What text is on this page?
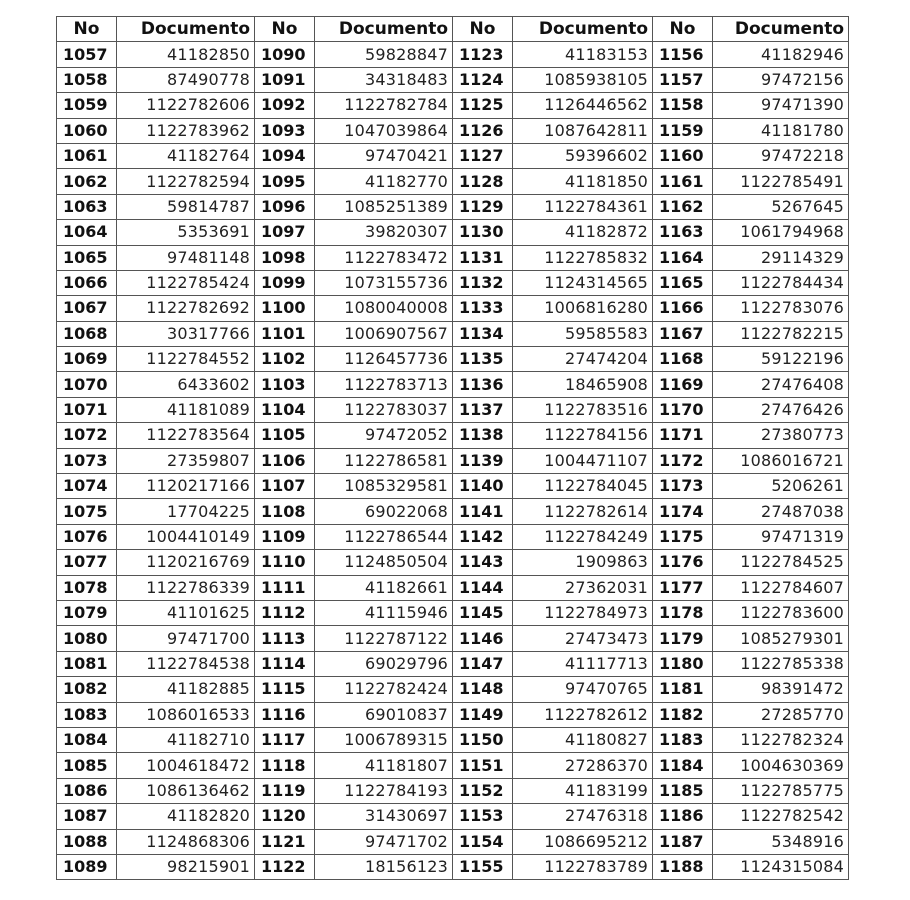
No	Documento	No	Documento	No	Documento	No	Documento
1057	41182850	1090	59828847	1123	41183153	1156	41182946
1058	87490778	1091	34318483	1124	1085938105	1157	97472156
1059	1122782606	1092	1122782784	1125	1126446562	1158	97471390
1060	1122783962	1093	1047039864	1126	1087642811	1159	41181780
1061	41182764	1094	97470421	1127	59396602	1160	97472218
1062	1122782594	1095	41182770	1128	41181850	1161	1122785491
1063	59814787	1096	1085251389	1129	1122784361	1162	5267645
1064	5353691	1097	39820307	1130	41182872	1163	1061794968
1065	97481148	1098	1122783472	1131	1122785832	1164	29114329
1066	1122785424	1099	1073155736	1132	1124314565	1165	1122784434
1067	1122782692	1100	1080040008	1133	1006816280	1166	1122783076
1068	30317766	1101	1006907567	1134	59585583	1167	1122782215
1069	1122784552	1102	1126457736	1135	27474204	1168	59122196
1070	6433602	1103	1122783713	1136	18465908	1169	27476408
1071	41181089	1104	1122783037	1137	1122783516	1170	27476426
1072	1122783564	1105	97472052	1138	1122784156	1171	27380773
1073	27359807	1106	1122786581	1139	1004471107	1172	1086016721
1074	1120217166	1107	1085329581	1140	1122784045	1173	5206261
1075	17704225	1108	69022068	1141	1122782614	1174	27487038
1076	1004410149	1109	1122786544	1142	1122784249	1175	97471319
1077	1120216769	1110	1124850504	1143	1909863	1176	1122784525
1078	1122786339	1111	41182661	1144	27362031	1177	1122784607
1079	41101625	1112	41115946	1145	1122784973	1178	1122783600
1080	97471700	1113	1122787122	1146	27473473	1179	1085279301
1081	1122784538	1114	69029796	1147	41117713	1180	1122785338
1082	41182885	1115	1122782424	1148	97470765	1181	98391472
1083	1086016533	1116	69010837	1149	1122782612	1182	27285770
1084	41182710	1117	1006789315	1150	41180827	1183	1122782324
1085	1004618472	1118	41181807	1151	27286370	1184	1004630369
1086	1086136462	1119	1122784193	1152	41183199	1185	1122785775
1087	41182820	1120	31430697	1153	27476318	1186	1122782542
1088	1124868306	1121	97471702	1154	1086695212	1187	5348916
1089	98215901	1122	18156123	1155	1122783789	1188	1124315084
